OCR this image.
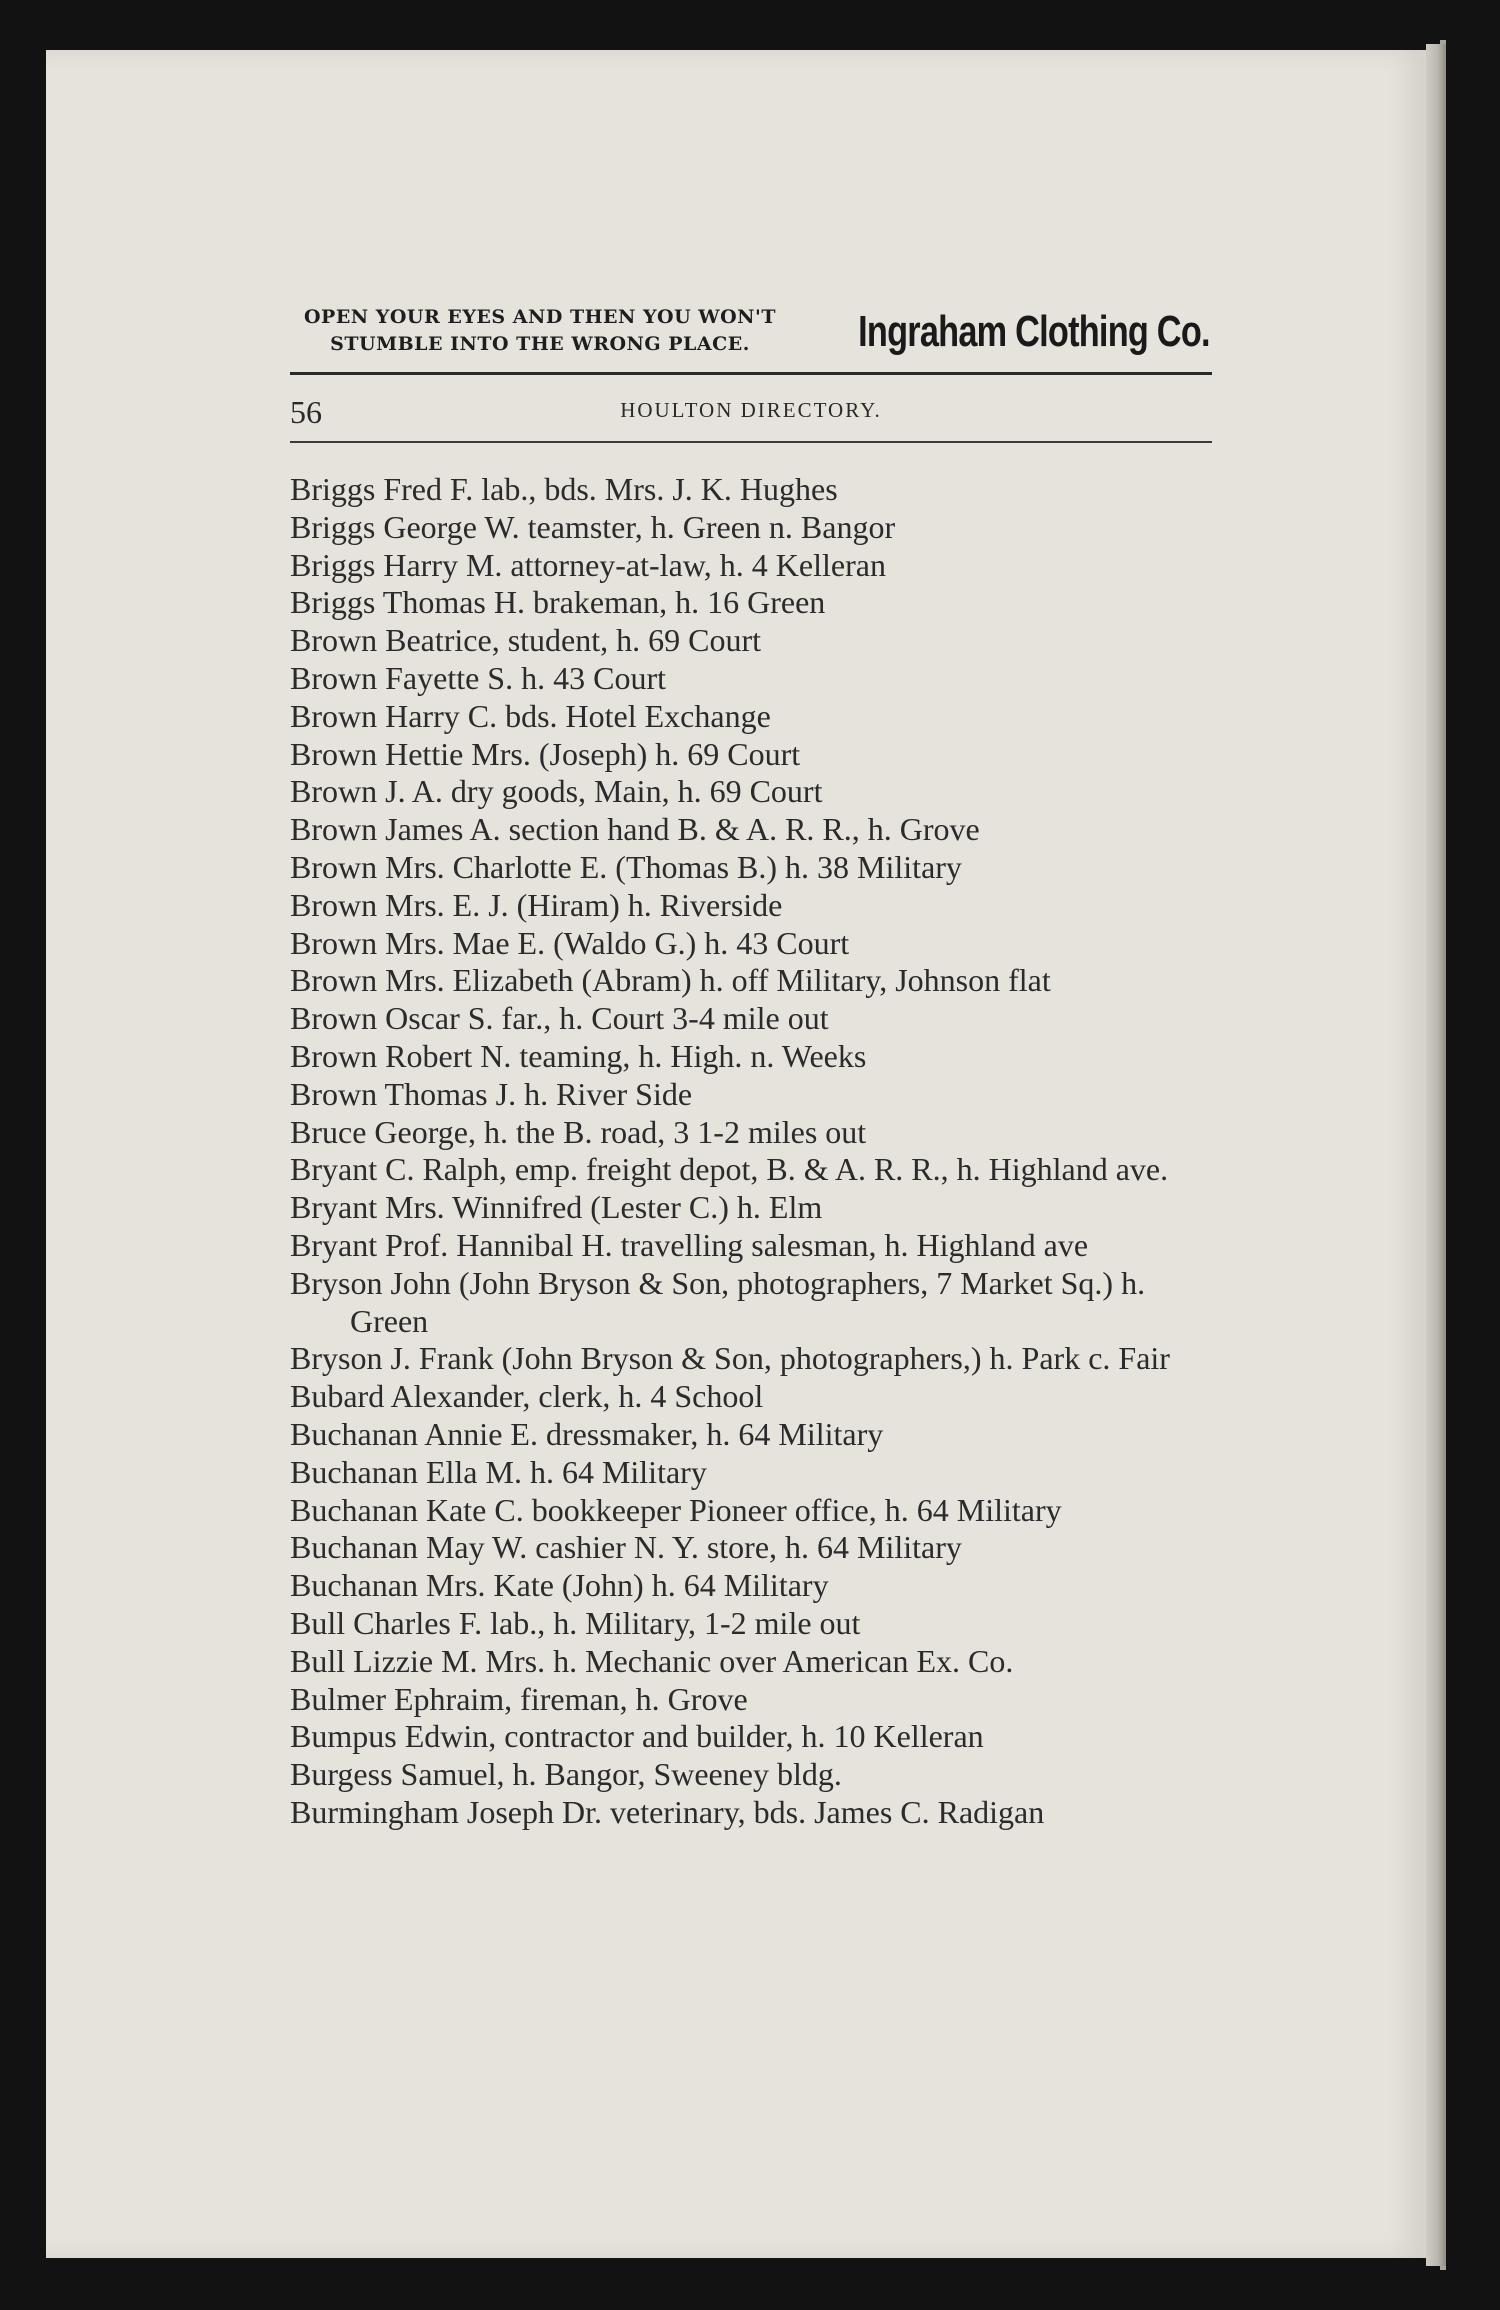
OPEN YOUR EYES AND THEN YOU WON'T
STUMBLE INTO THE WRONG PLACE.	Ingraham Clothing Co.
56	HOULTON DIRECTORY.
Briggs Fred F. lab., bds. Mrs. J. K. Hughes
Briggs George W. teamster, h. Green n. Bangor
Briggs Harry M. attorney-at-law, h. 4 Kelleran
Briggs Thomas H. brakeman, h. 16 Green
Brown Beatrice, student, h. 69 Court
Brown Fayette S. h. 43 Court
Brown Harry C. bds. Hotel Exchange
Brown Hettie Mrs. (Joseph) h. 69 Court
Brown J. A. dry goods, Main, h. 69 Court
Brown James A. section hand B. & A. R. R., h. Grove
Brown Mrs. Charlotte E. (Thomas B.) h. 38 Military
Brown Mrs. E. J. (Hiram) h. Riverside
Brown Mrs. Mae E. (Waldo G.) h. 43 Court
Brown Mrs. Elizabeth (Abram) h. off Military, Johnson flat
Brown Oscar S. far., h. Court 3-4 mile out
Brown Robert N. teaming, h. High. n. Weeks
Brown Thomas J. h. River Side
Bruce George, h. the B. road, 3 1-2 miles out
Bryant C. Ralph, emp. freight depot, B. & A. R. R., h. Highland ave.
Bryant Mrs. Winnifred (Lester C.) h. Elm
Bryant Prof. Hannibal H. travelling salesman, h. Highland ave
Bryson John (John Bryson & Son, photographers, 7 Market Sq.) h. Green
Bryson J. Frank (John Bryson & Son, photographers,) h. Park c. Fair
Bubard Alexander, clerk, h. 4 School
Buchanan Annie E. dressmaker, h. 64 Military
Buchanan Ella M. h. 64 Military
Buchanan Kate C. bookkeeper Pioneer office, h. 64 Military
Buchanan May W. cashier N. Y. store, h. 64 Military
Buchanan Mrs. Kate (John) h. 64 Military
Bull Charles F. lab., h. Military, 1-2 mile out
Bull Lizzie M. Mrs. h. Mechanic over American Ex. Co.
Bulmer Ephraim, fireman, h. Grove
Bumpus Edwin, contractor and builder, h. 10 Kelleran
Burgess Samuel, h. Bangor, Sweeney bldg.
Burmingham Joseph Dr. veterinary, bds. James C. Radigan
